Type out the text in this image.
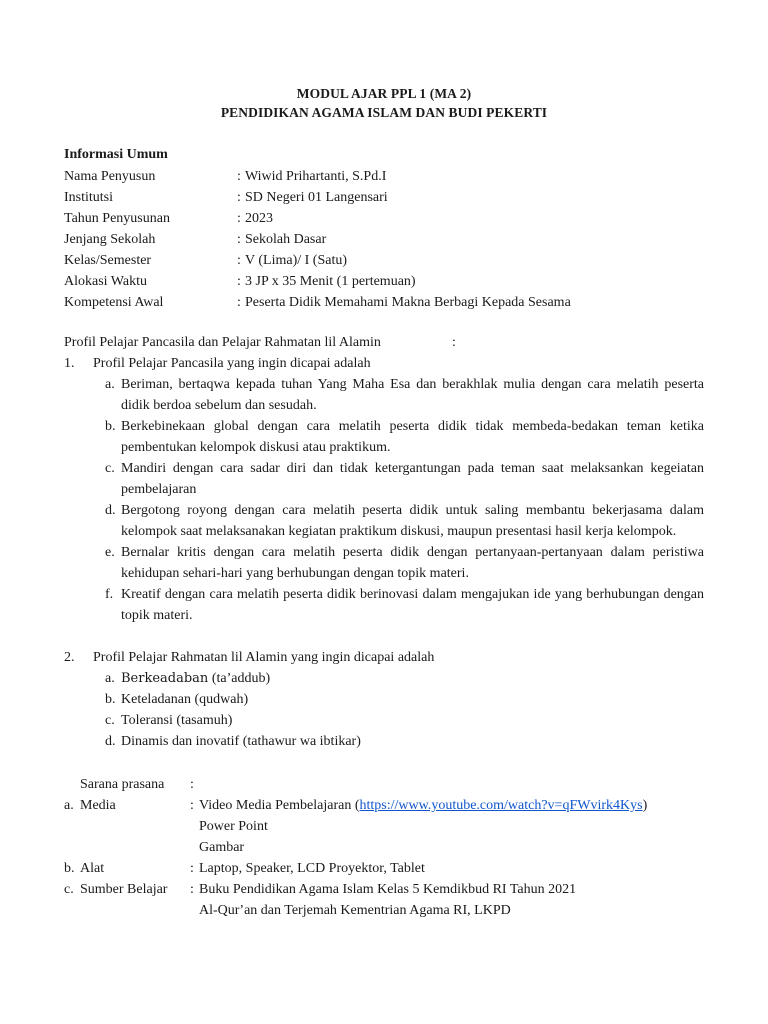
MODUL AJAR PPL 1 (MA 2)
PENDIDIKAN AGAMA ISLAM DAN BUDI PEKERTI
Informasi Umum
Nama Penyusun	:	Wiwid Prihartanti, S.Pd.I
Institutsi	:	SD Negeri 01 Langensari
Tahun Penyusunan	:	2023
Jenjang Sekolah	:	Sekolah Dasar
Kelas/Semester	:	V (Lima)/ I (Satu)
Alokasi Waktu	:	3 JP x 35 Menit (1 pertemuan)
Kompetensi Awal	:	Peserta Didik Memahami Makna Berbagi Kepada Sesama
Profil Pelajar Pancasila dan Pelajar Rahmatan lil Alamin	:
1.	Profil Pelajar Pancasila yang ingin dicapai adalah
a. Beriman, bertaqwa kepada tuhan Yang Maha Esa dan berakhlak mulia dengan cara melatih peserta didik berdoa sebelum dan sesudah.
b. Berkebinekaan global dengan cara melatih peserta didik tidak membeda-bedakan teman ketika pembentukan kelompok diskusi atau praktikum.
c. Mandiri dengan cara sadar diri dan tidak ketergantungan pada teman saat melaksankan kegeiatan pembelajaran
d. Bergotong royong dengan cara melatih peserta didik untuk saling membantu bekerjasama dalam kelompok saat melaksanakan kegiatan praktikum diskusi, maupun presentasi hasil kerja kelompok.
e. Bernalar kritis dengan cara melatih peserta didik dengan pertanyaan-pertanyaan dalam peristiwa kehidupan sehari-hari yang berhubungan dengan topik materi.
f. Kreatif dengan cara melatih peserta didik berinovasi dalam mengajukan ide yang berhubungan dengan topik materi.
2.	Profil Pelajar Rahmatan lil Alamin yang ingin dicapai adalah
a. Berkeadaban (taʼaddub)
b. Keteladanan (qudwah)
c. Toleransi (tasamuh)
d. Dinamis dan inovatif (tathawur wa ibtikar)
Sarana prasana	:
a. Media	: Video Media Pembelajaran (https://www.youtube.com/watch?v=qFWvirk4Kys)
Power Point
Gambar
b. Alat	: Laptop, Speaker, LCD Proyektor, Tablet
c. Sumber Belajar	: Buku Pendidikan Agama Islam Kelas 5 Kemdikbud RI Tahun 2021
Al-Qurʼan dan Terjemah Kementrian Agama RI, LKPD
